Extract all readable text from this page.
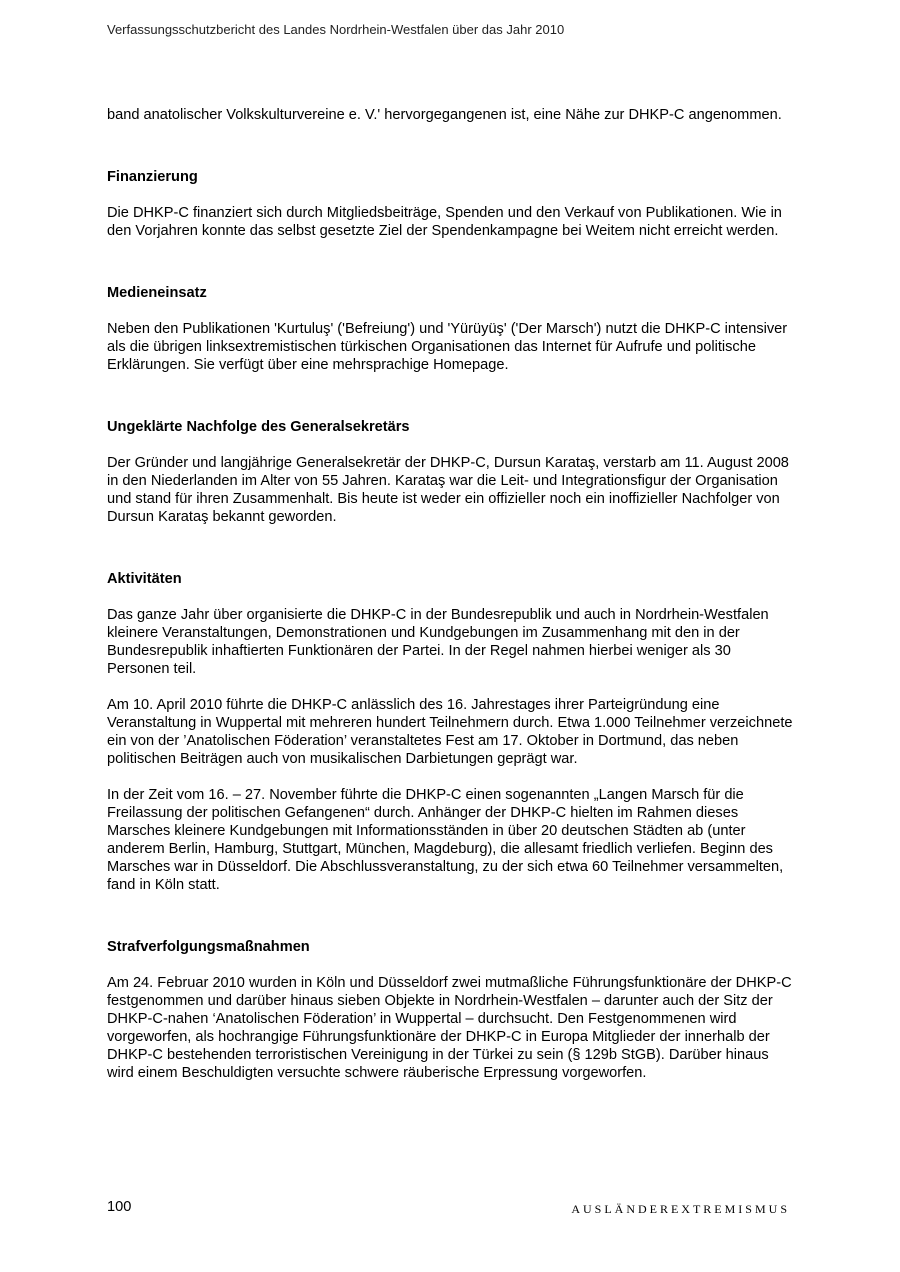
Verfassungsschutzbericht des Landes Nordrhein-Westfalen über das Jahr 2010

band anatolischer Volkskulturvereine e. V.' hervorgegangenen ist, eine Nähe zur DHKP-C angenommen.

Finanzierung

Die DHKP-C finanziert sich durch Mitgliedsbeiträge, Spenden und den Verkauf von Publikationen. Wie in den Vorjahren konnte das selbst gesetzte Ziel der Spendenkampagne bei Weitem nicht erreicht werden.

Medieneinsatz

Neben den Publikationen 'Kurtuluş' ('Befreiung') und 'Yürüyüş' ('Der Marsch') nutzt die DHKP-C intensiver als die übrigen linksextremistischen türkischen Organisationen das Internet für Aufrufe und politische Erklärungen. Sie verfügt über eine mehrsprachige Homepage.

Ungeklärte Nachfolge des Generalsekretärs

Der Gründer und langjährige Generalsekretär der DHKP-C, Dursun Karataş, verstarb am 11. August 2008 in den Niederlanden im Alter von 55 Jahren. Karataş war die Leit- und Integrationsfigur der Organisation und stand für ihren Zusammenhalt. Bis heute ist weder ein offizieller noch ein inoffizieller Nachfolger von Dursun Karataş bekannt geworden.

Aktivitäten

Das ganze Jahr über organisierte die DHKP-C in der Bundesrepublik und auch in Nordrhein-Westfalen kleinere Veranstaltungen, Demonstrationen und Kundgebungen im Zusammenhang mit den in der Bundesrepublik inhaftierten Funktionären der Partei. In der Regel nahmen hierbei weniger als 30 Personen teil.

Am 10. April 2010 führte die DHKP-C anlässlich des 16. Jahrestages ihrer Parteigründung eine Veranstaltung in Wuppertal mit mehreren hundert Teilnehmern durch. Etwa 1.000 Teilnehmer verzeichnete ein von der ’Anatolischen Föderation’ veranstaltetes Fest am 17. Oktober in Dortmund, das neben politischen Beiträgen auch von musikalischen Darbietungen geprägt war.

In der Zeit vom 16. – 27. November führte die DHKP-C einen sogenannten „Langen Marsch für die Freilassung der politischen Gefangenen“ durch. Anhänger der DHKP-C hielten im Rahmen dieses Marsches kleinere Kundgebungen mit Informationsständen in über 20 deutschen Städten ab (unter anderem Berlin, Hamburg, Stuttgart, München, Magdeburg), die allesamt friedlich verliefen. Beginn des Marsches war in Düsseldorf. Die Abschlussveranstaltung, zu der sich etwa 60 Teilnehmer versammelten, fand in Köln statt.

Strafverfolgungsmaßnahmen

Am 24. Februar 2010 wurden in Köln und Düsseldorf zwei mutmaßliche Führungsfunktionäre der DHKP-C festgenommen und darüber hinaus sieben Objekte in Nordrhein-Westfalen – darunter auch der Sitz der DHKP-C-nahen ‘Anatolischen Föderation’ in Wuppertal – durchsucht. Den Festgenommenen wird vorgeworfen, als hochrangige Führungsfunktionäre der DHKP-C in Europa Mitglieder der innerhalb der DHKP-C bestehenden terroristischen Vereinigung in der Türkei zu sein (§ 129b StGB). Darüber hinaus wird einem Beschuldigten versuchte schwere räuberische Erpressung vorgeworfen.

100	AUSLÄNDEREXTREMISMUS
